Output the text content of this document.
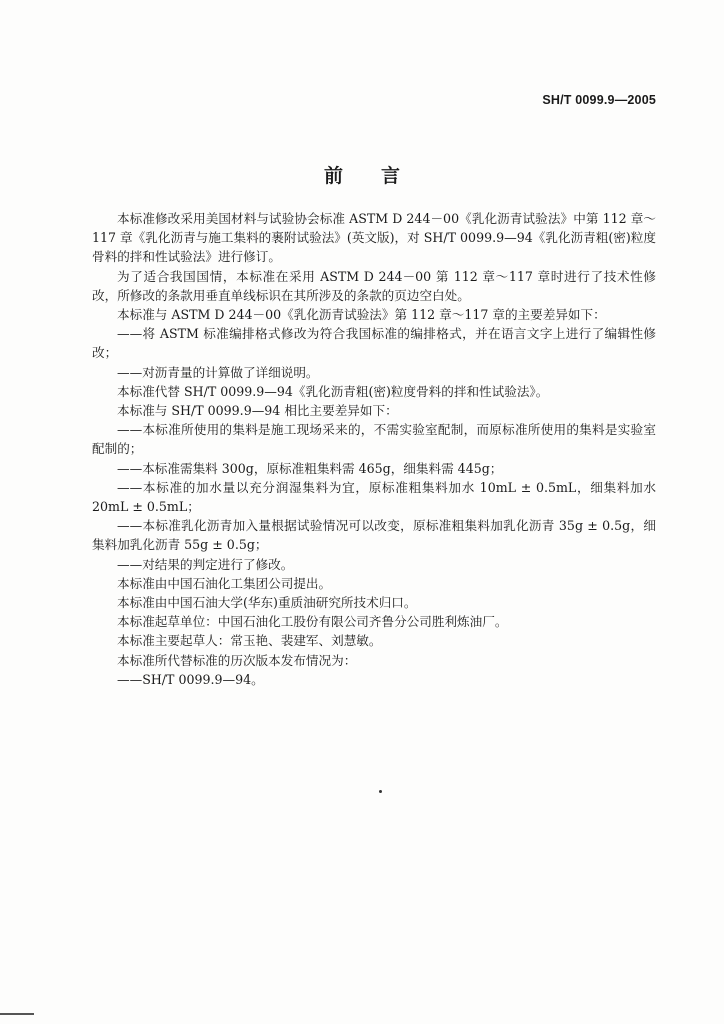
SH/T 0099.9—2005
前 言

本标准修改采用美国材料与试验协会标准 ASTM D 244－00《乳化沥青试验法》中第 112 章～117 章《乳化沥青与施工集料的裹附试验法》(英文版)，对 SH/T 0099.9—94《乳化沥青粗(密)粒度骨料的拌和性试验法》进行修订。

为了适合我国国情，本标准在采用 ASTM D 244－00 第 112 章～117 章时进行了技术性修改，所修改的条款用垂直单线标识在其所涉及的条款的页边空白处。

本标准与 ASTM D 244－00《乳化沥青试验法》第 112 章～117 章的主要差异如下：

——将 ASTM 标准编排格式修改为符合我国标准的编排格式，并在语言文字上进行了编辑性修改；

——对沥青量的计算做了详细说明。

本标准代替 SH/T 0099.9—94《乳化沥青粗(密)粒度骨料的拌和性试验法》。

本标准与 SH/T 0099.9—94 相比主要差异如下：

——本标准所使用的集料是施工现场采来的，不需实验室配制，而原标准所使用的集料是实验室配制的；

——本标准需集料 300g，原标准粗集料需 465g，细集料需 445g；

——本标准的加水量以充分润湿集料为宜，原标准粗集料加水 10mL ± 0.5mL，细集料加水 20mL ± 0.5mL；

——本标准乳化沥青加入量根据试验情况可以改变，原标准粗集料加乳化沥青 35g ± 0.5g，细集料加乳化沥青 55g ± 0.5g；

——对结果的判定进行了修改。

本标准由中国石油化工集团公司提出。

本标准由中国石油大学(华东)重质油研究所技术归口。

本标准起草单位：中国石油化工股份有限公司齐鲁分公司胜利炼油厂。

本标准主要起草人：常玉艳、裴建军、刘慧敏。

本标准所代替标准的历次版本发布情况为：

——SH/T 0099.9—94。
